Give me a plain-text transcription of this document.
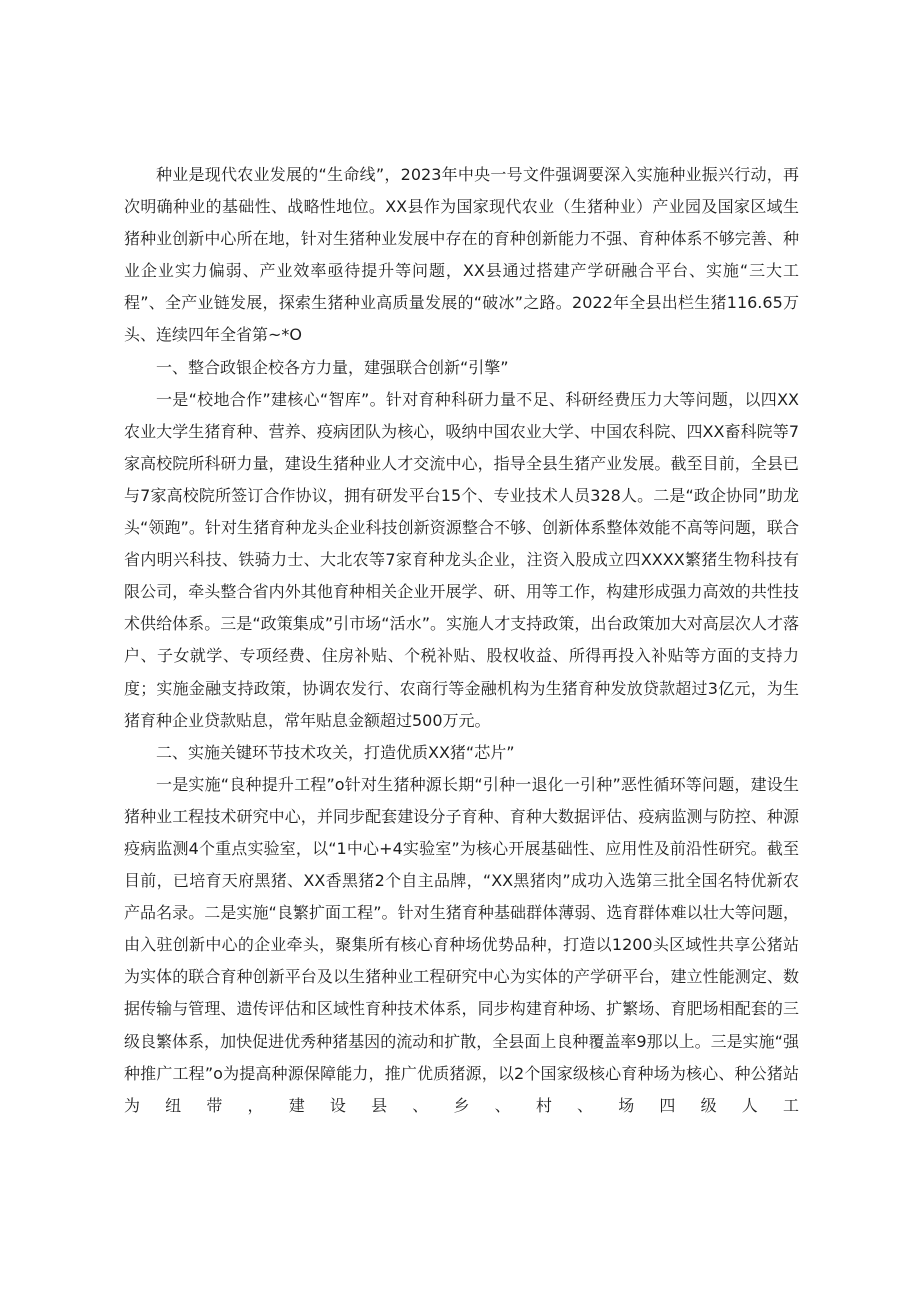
种业是现代农业发展的“生命线”，2023年中央一号文件强调要深入实施种业振兴行动，再次明确种业的基础性、战略性地位。XX县作为国家现代农业（生猪种业）产业园及国家区域生猪种业创新中心所在地，针对生猪种业发展中存在的育种创新能力不强、育种体系不够完善、种业企业实力偏弱、产业效率亟待提升等问题，XX县通过搭建产学研融合平台、实施“三大工程”、全产业链发展，探索生猪种业高质量发展的“破冰”之路。2022年全县出栏生猪116.65万头、连续四年全省第~*O

一、整合政银企校各方力量，建强联合创新“引擎”

一是“校地合作”建核心“智库”。针对育种科研力量不足、科研经费压力大等问题，以四XX农业大学生猪育种、营养、疫病团队为核心，吸纳中国农业大学、中国农科院、四XX畜科院等7家高校院所科研力量，建设生猪种业人才交流中心，指导全县生猪产业发展。截至目前，全县已与7家高校院所签订合作协议，拥有研发平台15个、专业技术人员328人。二是“政企协同”助龙头“领跑”。针对生猪育种龙头企业科技创新资源整合不够、创新体系整体效能不高等问题，联合省内明兴科技、铁骑力士、大北农等7家育种龙头企业，注资入股成立四XXXX繁猪生物科技有限公司，牵头整合省内外其他育种相关企业开展学、研、用等工作，构建形成强力高效的共性技术供给体系。三是“政策集成”引市场“活水”。实施人才支持政策，出台政策加大对高层次人才落户、子女就学、专项经费、住房补贴、个税补贴、股权收益、所得再投入补贴等方面的支持力度；实施金融支持政策，协调农发行、农商行等金融机构为生猪育种发放贷款超过3亿元，为生猪育种企业贷款贴息，常年贴息金额超过500万元。

二、实施关键环节技术攻关，打造优质XX猪“芯片”

一是实施“良种提升工程”o针对生猪种源长期“引种一退化一引种”恶性循环等问题，建设生猪种业工程技术研究中心，并同步配套建设分子育种、育种大数据评估、疫病监测与防控、种源疫病监测4个重点实验室，以“1中心+4实验室”为核心开展基础性、应用性及前沿性研究。截至目前，已培育天府黑猪、XX香黑猪2个自主品牌，“XX黑猪肉”成功入选第三批全国名特优新农产品名录。二是实施“良繁扩面工程”。针对生猪育种基础群体薄弱、选育群体难以壮大等问题，由入驻创新中心的企业牵头，聚集所有核心育种场优势品种，打造以1200头区域性共享公猪站为实体的联合育种创新平台及以生猪种业工程研究中心为实体的产学研平台，建立性能测定、数据传输与管理、遗传评估和区域性育种技术体系，同步构建育种场、扩繁场、育肥场相配套的三级良繁体系，加快促进优秀种猪基因的流动和扩散，全县面上良种覆盖率9那以上。三是实施“强种推广工程”o为提高种源保障能力，推广优质猪源，以2个国家级核心育种场为核心、种公猪站为纽带，建设县、乡、村、场四级人工
